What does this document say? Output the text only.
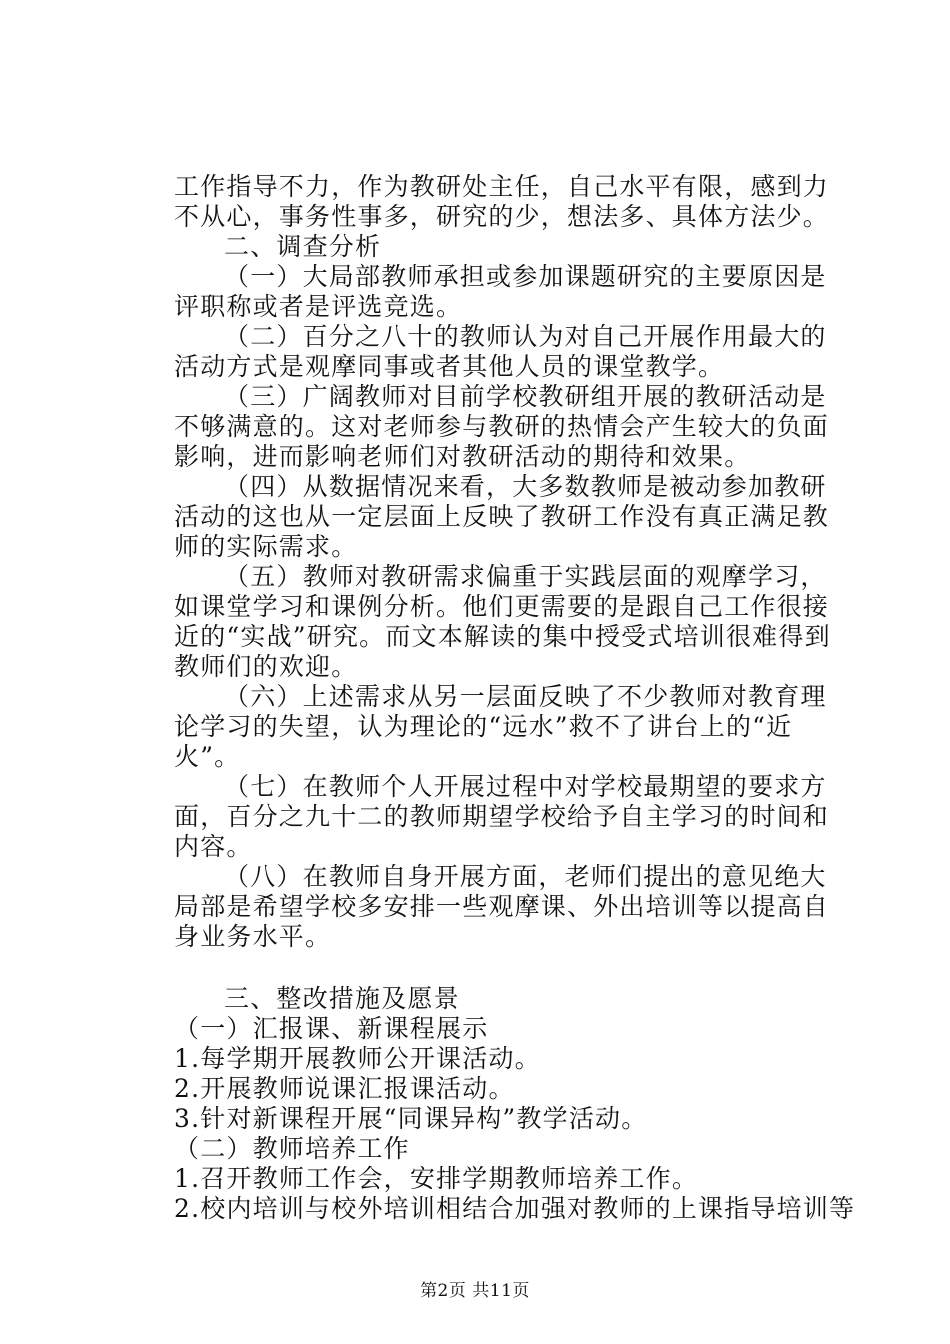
工作指导不力，作为教研处主任，自己水平有限，感到力不从心，事务性事多，研究的少，想法多、具体方法少。

二、调查分析

（一）大局部教师承担或参加课题研究的主要原因是评职称或者是评选竞选。

（二）百分之八十的教师认为对自己开展作用最大的活动方式是观摩同事或者其他人员的课堂教学。

（三）广阔教师对目前学校教研组开展的教研活动是不够满意的。这对老师参与教研的热情会产生较大的负面影响，进而影响老师们对教研活动的期待和效果。

（四）从数据情况来看，大多数教师是被动参加教研活动的这也从一定层面上反映了教研工作没有真正满足教师的实际需求。

（五）教师对教研需求偏重于实践层面的观摩学习，如课堂学习和课例分析。他们更需要的是跟自己工作很接近的“实战”研究。而文本解读的集中授受式培训很难得到教师们的欢迎。

（六）上述需求从另一层面反映了不少教师对教育理论学习的失望，认为理论的“远水”救不了讲台上的“近火”。

（七）在教师个人开展过程中对学校最期望的要求方面，百分之九十二的教师期望学校给予自主学习的时间和内容。

（八）在教师自身开展方面，老师们提出的意见绝大局部是希望学校多安排一些观摩课、外出培训等以提高自身业务水平。

三、整改措施及愿景

（一）汇报课、新课程展示

1.每学期开展教师公开课活动。

2.开展教师说课汇报课活动。

3.针对新课程开展“同课异构”教学活动。

（二）教师培养工作

1.召开教师工作会，安排学期教师培养工作。

2.校内培训与校外培训相结合加强对教师的上课指导培训等

第2页 共11页
